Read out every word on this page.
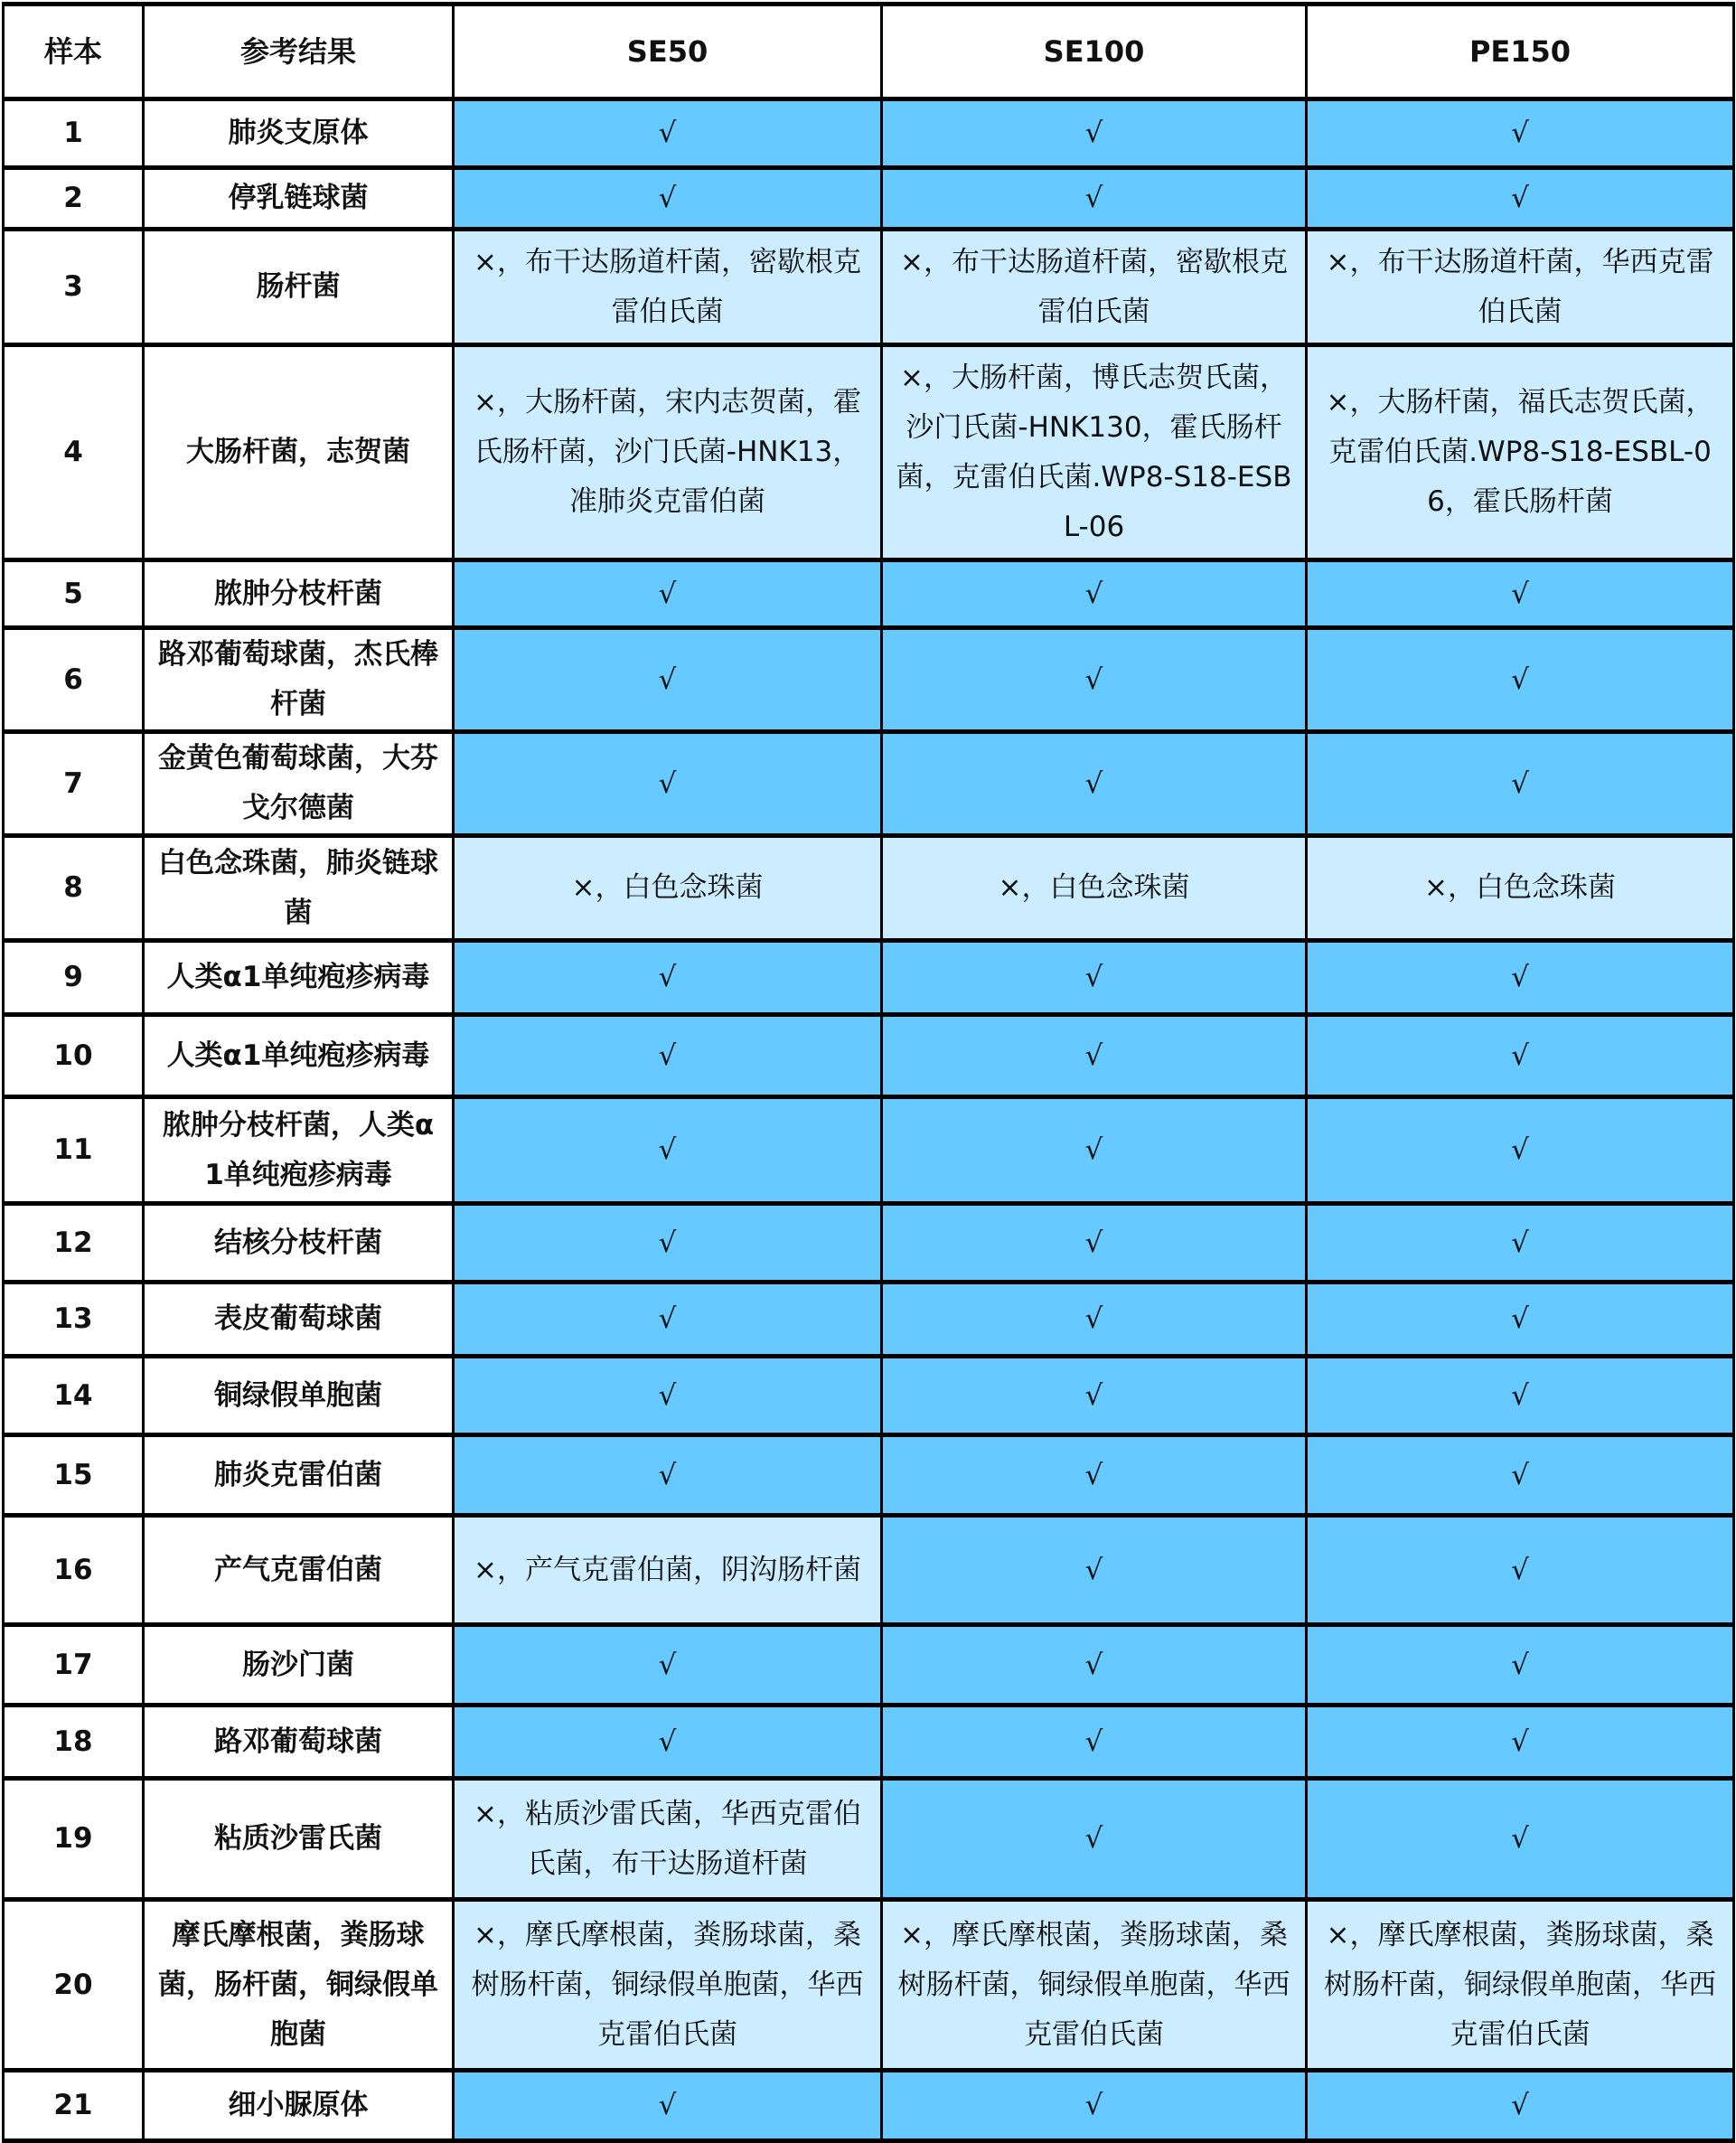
样本	参考结果	SE50	SE100	PE150
1	肺炎支原体	√	√	√
2	停乳链球菌	√	√	√
3	肠杆菌	×，布干达肠道杆菌，密歇根克雷伯氏菌	×，布干达肠道杆菌，密歇根克雷伯氏菌	×，布干达肠道杆菌，华西克雷伯氏菌
4	大肠杆菌，志贺菌	×，大肠杆菌，宋内志贺菌，霍氏肠杆菌，沙门氏菌-HNK13，准肺炎克雷伯菌	×，大肠杆菌，博氏志贺氏菌，沙门氏菌-HNK130，霍氏肠杆菌，克雷伯氏菌.WP8-S18-ESBL-06	×，大肠杆菌，福氏志贺氏菌，克雷伯氏菌.WP8-S18-ESBL-06，霍氏肠杆菌
5	脓肿分枝杆菌	√	√	√
6	路邓葡萄球菌，杰氏棒杆菌	√	√	√
7	金黄色葡萄球菌，大芬戈尔德菌	√	√	√
8	白色念珠菌，肺炎链球菌	×，白色念珠菌	×，白色念珠菌	×，白色念珠菌
9	人类α1单纯疱疹病毒	√	√	√
10	人类α1单纯疱疹病毒	√	√	√
11	脓肿分枝杆菌，人类α1单纯疱疹病毒	√	√	√
12	结核分枝杆菌	√	√	√
13	表皮葡萄球菌	√	√	√
14	铜绿假单胞菌	√	√	√
15	肺炎克雷伯菌	√	√	√
16	产气克雷伯菌	×，产气克雷伯菌，阴沟肠杆菌	√	√
17	肠沙门菌	√	√	√
18	路邓葡萄球菌	√	√	√
19	粘质沙雷氏菌	×，粘质沙雷氏菌，华西克雷伯氏菌，布干达肠道杆菌	√	√
20	摩氏摩根菌，粪肠球菌，肠杆菌，铜绿假单胞菌	×，摩氏摩根菌，粪肠球菌，桑树肠杆菌，铜绿假单胞菌，华西克雷伯氏菌	×，摩氏摩根菌，粪肠球菌，桑树肠杆菌，铜绿假单胞菌，华西克雷伯氏菌	×，摩氏摩根菌，粪肠球菌，桑树肠杆菌，铜绿假单胞菌，华西克雷伯氏菌
21	细小脲原体	√	√	√
